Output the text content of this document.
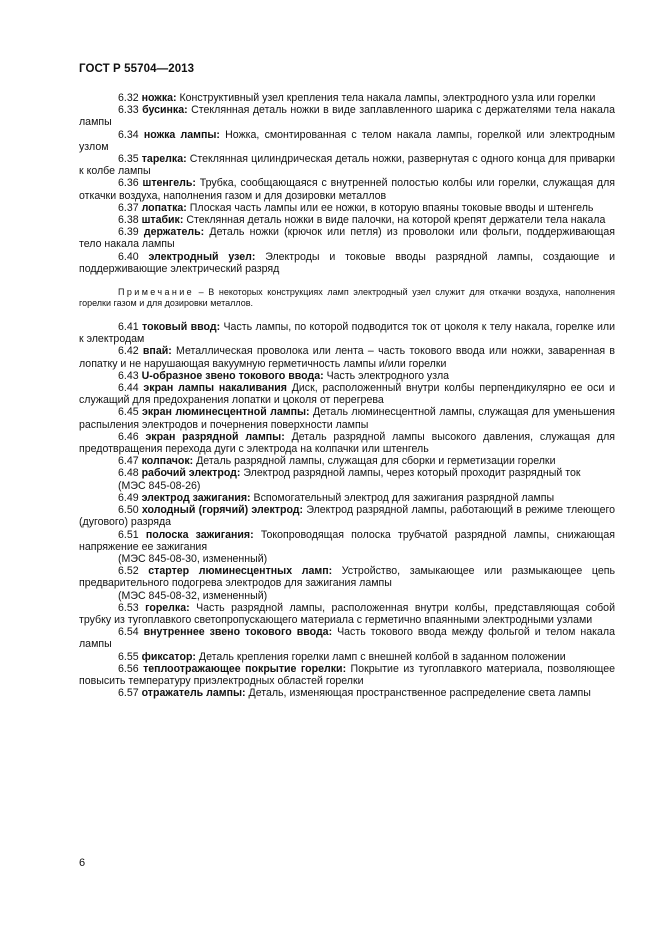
ГОСТ Р 55704—2013

6.32 ножка: Конструктивный узел крепления тела накала лампы, электродного узла или горелки

6.33 бусинка: Стеклянная деталь ножки в виде заплавленного шарика с держателями тела накала лампы

6.34 ножка лампы: Ножка, смонтированная с телом накала лампы, горелкой или электродным узлом

6.35 тарелка: Стеклянная цилиндрическая деталь ножки, развернутая с одного конца для приварки к колбе лампы

6.36 штенгель: Трубка, сообщающаяся с внутренней полостью колбы или горелки, служащая для откачки воздуха, наполнения газом и для дозировки металлов

6.37 лопатка: Плоская часть лампы или ее ножки, в которую впаяны токовые вводы и штенгель

6.38 штабик: Стеклянная деталь ножки в виде палочки, на которой крепят держатели тела накала

6.39 держатель: Деталь ножки (крючок или петля) из проволоки или фольги, поддерживающая тело накала лампы

6.40 электродный узел: Электроды и токовые вводы разрядной лампы, создающие и поддерживающие электрический разряд

Примечание – В некоторых конструкциях ламп электродный узел служит для откачки воздуха, наполнения горелки газом и для дозировки металлов.

6.41 токовый ввод: Часть лампы, по которой подводится ток от цоколя к телу накала, горелке или к электродам

6.42 впай: Металлическая проволока или лента – часть токового ввода или ножки, заваренная в лопатку и не нарушающая вакуумную герметичность лампы и/или горелки

6.43 U-образное звено токового ввода: Часть электродного узла

6.44 экран лампы накаливания Диск, расположенный внутри колбы перпендикулярно ее оси и служащий для предохранения лопатки и цоколя от перегрева

6.45 экран люминесцентной лампы: Деталь люминесцентной лампы, служащая для уменьшения распыления электродов и почернения поверхности лампы

6.46 экран разрядной лампы: Деталь разрядной лампы высокого давления, служащая для предотвращения перехода дуги с электрода на колпачки или штенгель

6.47 колпачок: Деталь разрядной лампы, служащая для сборки и герметизации горелки

6.48 рабочий электрод: Электрод разрядной лампы, через который проходит разрядный ток

(МЭС 845-08-26)

6.49 электрод зажигания: Вспомогательный электрод для зажигания разрядной лампы

6.50 холодный (горячий) электрод: Электрод разрядной лампы, работающий в режиме тлеющего (дугового) разряда

6.51 полоска зажигания: Токопроводящая полоска трубчатой разрядной лампы, снижающая напряжение ее зажигания

(МЭС 845-08-30, измененный)

6.52 стартер люминесцентных ламп: Устройство, замыкающее или размыкающее цепь предварительного подогрева электродов для зажигания лампы

(МЭС 845-08-32, измененный)

6.53 горелка: Часть разрядной лампы, расположенная внутри колбы, представляющая собой трубку из тугоплавкого светопропускающего материала с герметично впаянными электродными узлами

6.54 внутреннее звено токового ввода: Часть токового ввода между фольгой и телом накала лампы

6.55 фиксатор: Деталь крепления горелки ламп с внешней колбой в заданном положении

6.56 теплоотражающее покрытие горелки: Покрытие из тугоплавкого материала, позволяющее повысить температуру приэлектродных областей горелки

6.57 отражатель лампы: Деталь, изменяющая пространственное распределение света лампы

6
